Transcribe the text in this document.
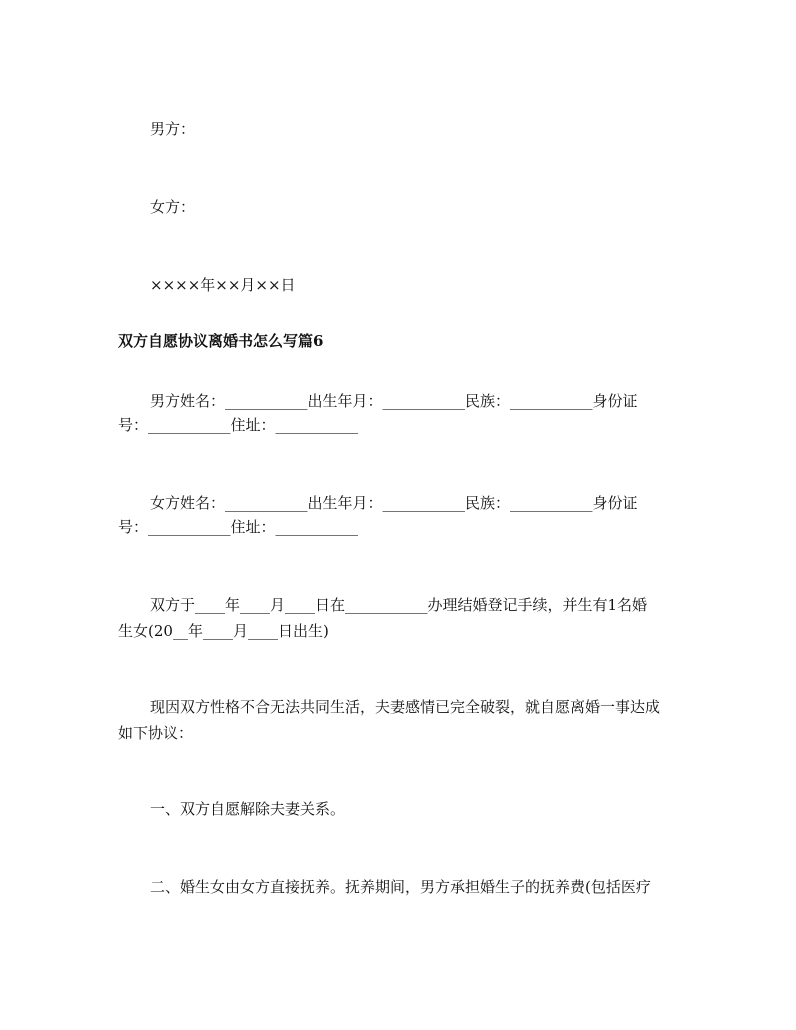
男方：
女方：
××××年××月××日
双方自愿协议离婚书怎么写篇6
男方姓名：___________出生年月：___________民族：___________身份证
号：___________住址：___________
女方姓名：___________出生年月：___________民族：___________身份证
号：___________住址：___________
双方于____年____月____日在___________办理结婚登记手续，并生有1名婚
生女(20__年____月____日出生)
现因双方性格不合无法共同生活，夫妻感情已完全破裂，就自愿离婚一事达成
如下协议：
一、双方自愿解除夫妻关系。
二、婚生女由女方直接抚养。抚养期间，男方承担婚生子的抚养费(包括医疗
